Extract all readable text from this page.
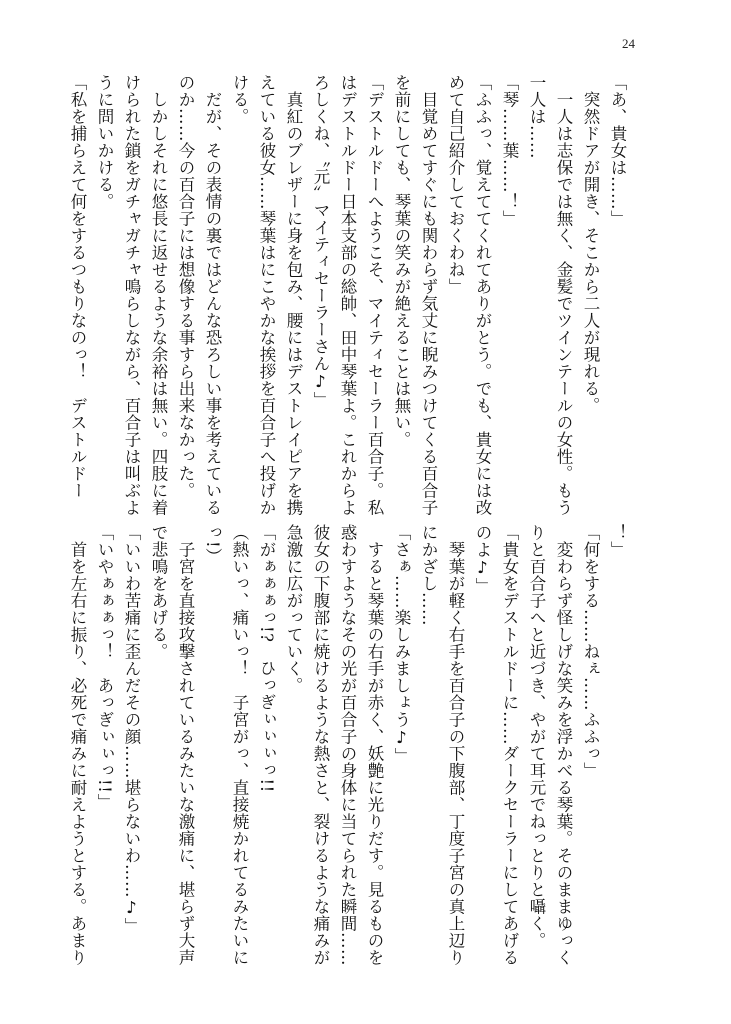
24
「あ、貴女は……」
　突然ドアが開き、そこから二人が現れる。
　一人は志保では無く、金髪でツインテールの女性。もう
一人は……
「琴……葉……！」
「ふふっ、覚えててくれてありがとう。でも、貴女には改
めて自己紹介しておくわね」
　目覚めてすぐにも関わらず気丈に睨みつけてくる百合子
を前にしても、琴葉の笑みが絶えることは無い。
「デストルドーへようこそ、マイティセーラー百合子。私
はデストルドー日本支部の総帥、田中琴葉よ。これからよ
ろしくね、〝元〟マイティセーラーさん♪」
　真紅のブレザーに身を包み、腰にはデストレイピアを携
えている彼女……琴葉はにこやかな挨拶を百合子へ投げか
ける。
　だが、その表情の裏ではどんな恐ろしい事を考えている
のか……今の百合子には想像する事すら出来なかった。
　しかしそれに悠長に返せるような余裕は無い。四肢に着
けられた鎖をガチャガチャ鳴らしながら、百合子は叫ぶよ
うに問いかける。
「私を捕らえて何をするつもりなのっ！　デストルドー
！」
「何をする……ねぇ……ふふっ」
　変わらず怪しげな笑みを浮かべる琴葉。そのままゆっく
りと百合子へと近づき、やがて耳元でねっとりと囁く。
「貴女をデストルドーに……ダークセーラーにしてあげる
のよ♪」
　琴葉が軽く右手を百合子の下腹部、丁度子宮の真上辺り
にかざし……
「さぁ……楽しみましょう♪」
　すると琴葉の右手が赤く、妖艶に光りだす。見るものを
惑わすようなその光が百合子の身体に当てられた瞬間……
彼女の下腹部に焼けるような熱さと、裂けるような痛みが
急激に広がっていく。
「がぁぁぁっ!?　ひっぎぃぃぃっ!!
（熱いっ、痛いっ！　子宮がっ、直接焼かれてるみたいに
っ!）
　子宮を直接攻撃されているみたいな激痛に、堪らず大声
で悲鳴をあげる。
「いいわ苦痛に歪んだその顔……堪らないわ……♪」
「いやぁぁぁっ！　あっぎぃぃっ!!」
　首を左右に振り、必死で痛みに耐えようとする。あまり
